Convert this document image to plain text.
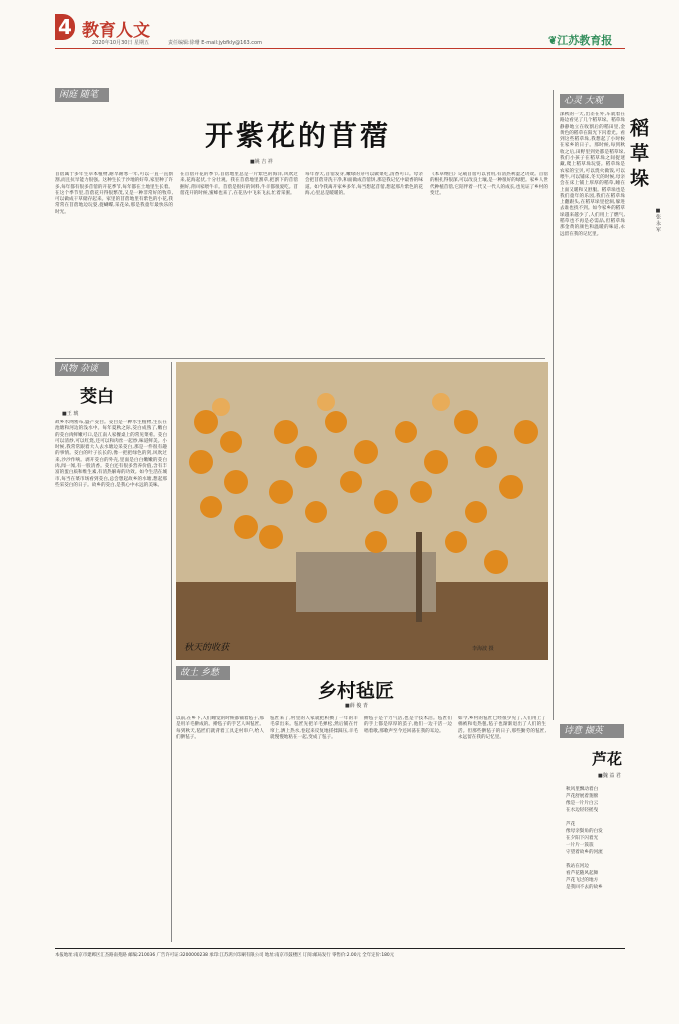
4 教育人文
2020年10月30日 星期五	责任编辑:徐珊 E-mail:jybfkly@163.com	❦江苏教育报
闲庭 随笔
开紫花的苜蓿
■姚 吉 祥
苜蓿属于多年生草本植物,耐旱耐寒一年,可以一直一直割割,而且抗旱能力很强。这种生长于沙地的好草,家里种了许多,每年都有很多苜蓿的开花季节,每年都在土地里生长着。在这个季节里,苜蓿花开得很繁茂,又是一种非常好的牧草,可以做成干草储存起来。家里的苜蓿地里有紫色的小花,我常常在苜蓿地边玩耍,捉蝴蝶,采花朵,那是我童年最快乐的时光。
在苜蓿开花的季节,苜蓿地里总是一片紫色的海洋,风吹过来,花海起伏,十分壮观。我在苜蓿地里割草,把割下的苜蓿捆好,背回家喂牛羊。苜蓿是很好的饲料,牛羊都很爱吃。苜蓿花开的时候,蜜蜂也来了,在花丛中飞来飞去,忙着采蜜。
每年春天,苜蓿发芽,嫩绿的芽可以做菜吃,清香可口。母亲会把苜蓿芽洗干净,和面做成苜蓿饼,那是我记忆中最香的味道。如今我离开家乡多年,每当想起苜蓿,想起那片紫色的花海,心里总是暖暖的。
《本草纲目》记载苜蓿可以食用,有清热利湿之功效。苜蓿的根扎得很深,可以改良土壤,是一种很好的绿肥。家乡人世代种植苜蓿,它陪伴着一代又一代人的成长,也见证了乡村的变迁。
心灵 大观
深秋的一天,出差在外,车就着在路边看见了几个稻草垛。稻草垛静静地立在收割后的稻田里,金黄色的稻草在阳光下闪着光。看到这些稻草垛,我想起了小时候在家乡的日子。那时候,每到秋收之后,田野里到处都是稻草垛,我们小孩子在稻草垛之间捉迷藏,爬上稻草垛玩耍。稻草垛是农家的宝贝,可以烧火做饭,可以喂牛,可以铺床,冬天的时候,母亲会在床上铺上厚厚的稻草,睡在上面又暖和又舒服。稻草垛也是我们童年的乐园,我们在稻草垛上翻跟头,在稻草垛里挖洞,躲进去谁也找不到。如今家乡的稻草垛越来越少了,人们用上了燃气,稻草也不再是必需品,但稻草垛那金黄的颜色和温暖的味道,永远留在我的记忆里。
稻草垛
■张 永 军
风物 杂谈
茭白
■王 琥
故乡水网密布,盛产茭白。茭白是一种水生植物,生长在池塘和河边的浅水中。每年夏秋之际,茭白成熟了,嫩白的茭白肉鲜嫩可口,是江南人家餐桌上的常见菜肴。茭白可以清炒,可以红烧,还可以和肉丝一起炒,味道鲜美。小时候,我常常跟着大人去水塘边采茭白,那是一件很有趣的事情。茭白的叶子长长的,像一把把绿色的剑,风吹过来,沙沙作响。剥开茭白的外壳,里面是白白嫩嫩的茭白肉,闻一闻,有一股清香。茭白还有很多营养价值,含有丰富的蛋白质和维生素,有清热解毒的功效。如今生活在城市,每当在菜市场看到茭白,总会想起故乡的水塘,想起那些采茭白的日子。故乡的茭白,是我心中永远的美味。
秋天的收获	李海波 摄
故土 乡愁
乡村毡匠
■薛 俊 青
以前,在乡下,人们睡觉的时候都铺着毡子,那是用羊毛擀成的。擀毡子的手艺人叫毡匠。每到秋天,毡匠们就背着工具走村串户,给人们擀毡子。
毡匠来了,村里的人家就把积攒了一年的羊毛拿出来。毡匠先把羊毛弹松,然后铺在竹帘上,洒上热水,卷起来反复地搓揉踩压,羊毛就慢慢地粘在一起,变成了毡子。
擀毡子是个力气活,也是个技术活。毡匠们的手上都是厚厚的茧子,他们一边干活一边唱着歌,那歌声至今还回荡在我的耳边。
如今,乡村的毡匠已经很少见了,人们用上了棉被和电热毯,毡子也渐渐退出了人们的生活。但那些擀毡子的日子,那些勤劳的毡匠,永远留在我的记忆里。
诗意 撷英
芦花
■魏 益 君
秋风里飘动着白
芦花舒展着翅膀
像是一片片白云
在水边轻轻摇曳
芦花
像母亲鬓角的白发
在夕阳下闪着光
一片片一簇簇
守望着故乡的河流
我站在河边
看芦花随风起舞
芦花飞过的地方
是我回不去的故乡
本报地址:南京市建邺区汇杰路南苑路 邮编:210036 广告许可证:3200000238 承印:江苏鸿兴印刷有限公司 地址:南京市鼓楼区 订阅:邮局发行 零售价:2.00元 全年定价:180元
